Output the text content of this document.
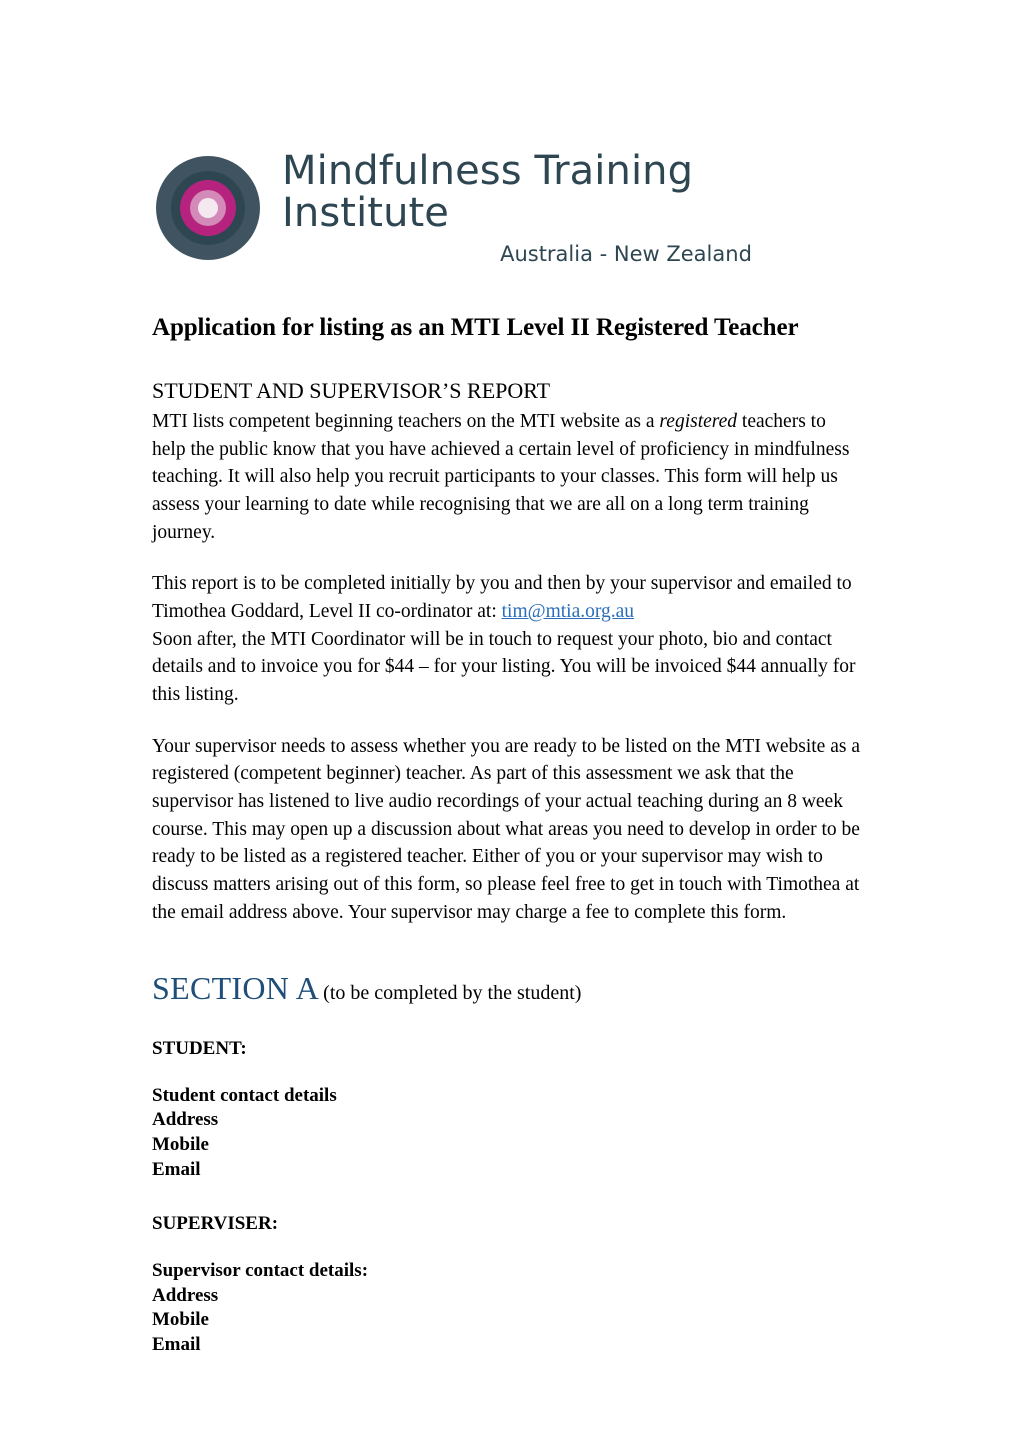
Mindfulness Training Institute
Australia - New Zealand
Application for listing as an MTI Level II Registered Teacher
STUDENT AND SUPERVISOR’S REPORT

MTI lists competent beginning teachers on the MTI website as a registered teachers to help the public know that you have achieved a certain level of proficiency in mindfulness teaching. It will also help you recruit participants to your classes. This form will help us assess your learning to date while recognising that we are all on a long term training journey.

This report is to be completed initially by you and then by your supervisor and emailed to Timothea Goddard, Level II co-ordinator at: tim@mtia.org.au
Soon after, the MTI Coordinator will be in touch to request your photo, bio and contact details and to invoice you for $44 – for your listing. You will be invoiced $44 annually for this listing.

Your supervisor needs to assess whether you are ready to be listed on the MTI website as a registered (competent beginner) teacher. As part of this assessment we ask that the supervisor has listened to live audio recordings of your actual teaching during an 8 week course. This may open up a discussion about what areas you need to develop in order to be ready to be listed as a registered teacher. Either of you or your supervisor may wish to discuss matters arising out of this form, so please feel free to get in touch with Timothea at the email address above. Your supervisor may charge a fee to complete this form.

SECTION A (to be completed by the student)

STUDENT:

Student contact details

Address

Mobile

Email

SUPERVISER:

Supervisor contact details:

Address

Mobile

Email
